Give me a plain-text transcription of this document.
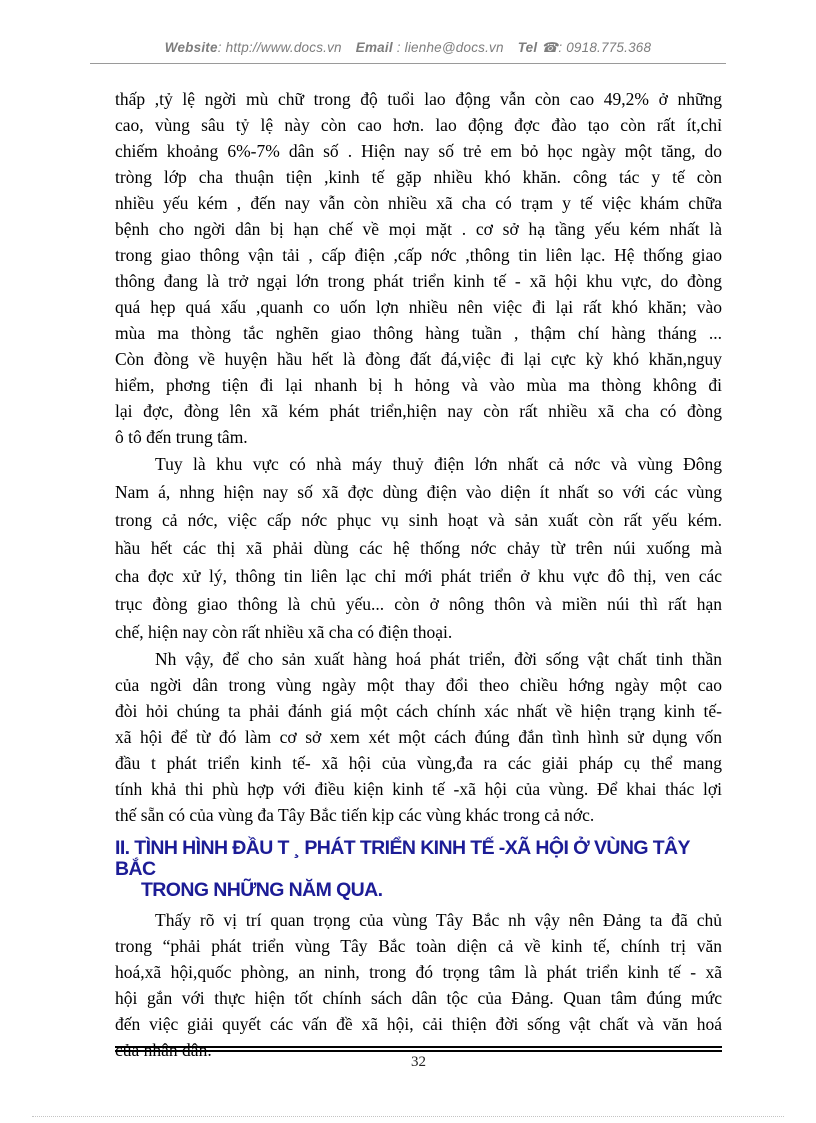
Website: http://www.docs.vn Email : lienhe@docs.vn Tel ☎: 0918.775.368
thấp ,tỷ lệ ngời mù chữ trong độ tuổi lao động vẫn còn cao 49,2% ở những
cao, vùng sâu tỷ lệ này còn cao hơn. lao động đợc đào tạo còn rất ít,chỉ
chiếm khoảng 6%-7% dân số . Hiện nay số trẻ em bỏ học ngày một tăng, do
tròng lớp cha thuận tiện ,kinh tế gặp nhiều khó khăn. công tác y tế còn
nhiều yếu kém , đến nay vẫn còn nhiều xã cha có trạm y tế việc khám chữa
bệnh cho ngời dân bị hạn chế về mọi mặt . cơ sở hạ tầng yếu kém nhất là
trong giao thông vận tải , cấp điện ,cấp nớc ,thông tin liên lạc. Hệ thống giao
thông đang là trở ngại lớn trong phát triển kinh tế - xã hội khu vực, do đòng
quá hẹp quá xấu ,quanh co uốn lợn nhiều nên việc đi lại rất khó khăn; vào
mùa ma thòng tắc nghẽn giao thông hàng tuần , thậm chí hàng tháng ...
Còn đòng về huyện hầu hết là đòng đất đá,việc đi lại cực kỳ khó khăn,nguy
hiểm, phơng tiện đi lại nhanh bị h hỏng và vào mùa ma thòng không đi
lại đợc, đòng lên xã kém phát triển,hiện nay còn rất nhiều xã cha có đòng
ô tô đến trung tâm.
Tuy là khu vực có nhà máy thuỷ điện lớn nhất cả nớc và vùng Đông
Nam á, nhng hiện nay số xã đợc dùng điện vào diện ít nhất so với các vùng
trong cả nớc, việc cấp nớc phục vụ sinh hoạt và sản xuất còn rất yếu kém.
hầu hết các thị xã phải dùng các hệ thống nớc chảy từ trên núi xuống mà
cha đợc xử lý, thông tin liên lạc chỉ mới phát triển ở khu vực đô thị, ven các
trục đòng giao thông là chủ yếu... còn ở nông thôn và miền núi thì rất hạn
chế, hiện nay còn rất nhiều xã cha có điện thoại.
Nh vậy, để cho sản xuất hàng hoá phát triển, đời sống vật chất tinh thần
của ngời dân trong vùng ngày một thay đổi theo chiều hớng ngày một cao
đòi hỏi chúng ta phải đánh giá một cách chính xác nhất về hiện trạng kinh tế-
xã hội để từ đó làm cơ sở xem xét một cách đúng đắn tình hình sử dụng vốn
đầu t phát triển kinh tế- xã hội của vùng,đa ra các giải pháp cụ thể mang
tính khả thi phù hợp với điều kiện kinh tế -xã hội của vùng. Để khai thác lợi
thế sẵn có của vùng đa Tây Bắc tiến kịp các vùng khác trong cả nớc.
II. TÌNH HÌNH ĐẦU T ¸ PHÁT TRIỂN KINH TẾ -XÃ HỘI Ở VÙNG TÂY BẮC
TRONG NHỮNG NĂM QUA.
Thấy rõ vị trí quan trọng của vùng Tây Bắc nh vậy nên Đảng ta đã chủ
trong “phải phát triển vùng Tây Bắc toàn diện cả về kinh tế, chính trị văn
hoá,xã hội,quốc phòng, an ninh, trong đó trọng tâm là phát triển kinh tế - xã
hội gắn với thực hiện tốt chính sách dân tộc của Đảng. Quan tâm đúng mức
đến việc giải quyết các vấn đề xã hội, cải thiện đời sống vật chất và văn hoá
của nhân dân.
32
